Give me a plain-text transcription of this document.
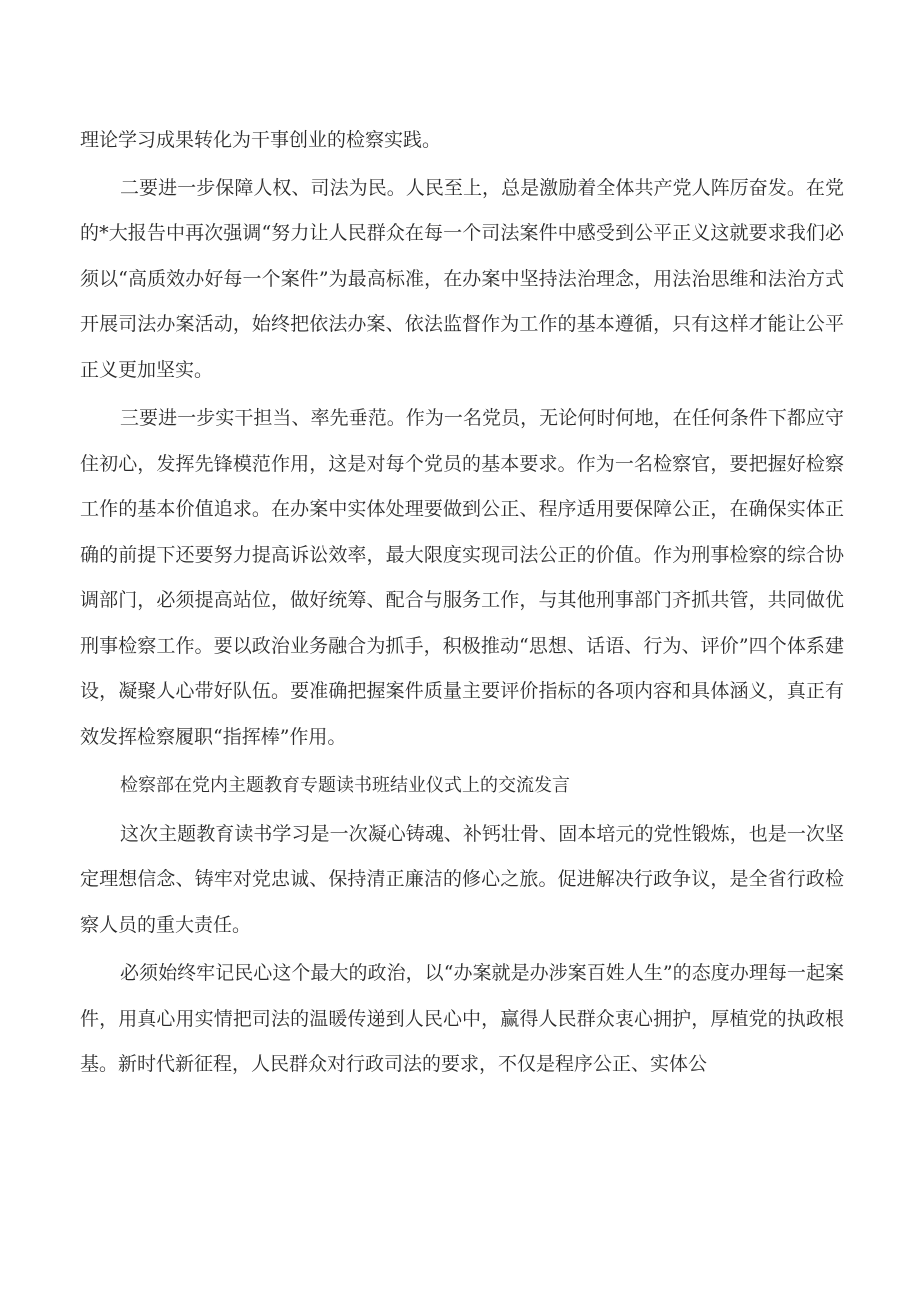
理论学习成果转化为干事创业的检察实践。

二要进一步保障人权、司法为民。人民至上，总是激励着全体共产党人阵厉奋发。在党的*大报告中再次强调“努力让人民群众在每一个司法案件中感受到公平正义这就要求我们必须以“高质效办好每一个案件”为最高标准，在办案中坚持法治理念，用法治思维和法治方式开展司法办案活动，始终把依法办案、依法监督作为工作的基本遵循，只有这样才能让公平正义更加坚实。

三要进一步实干担当、率先垂范。作为一名党员，无论何时何地，在任何条件下都应守住初心，发挥先锋模范作用，这是对每个党员的基本要求。作为一名检察官，要把握好检察工作的基本价值追求。在办案中实体处理要做到公正、程序适用要保障公正，在确保实体正确的前提下还要努力提高诉讼效率，最大限度实现司法公正的价值。作为刑事检察的综合协调部门，必须提高站位，做好统筹、配合与服务工作，与其他刑事部门齐抓共管，共同做优刑事检察工作。要以政治业务融合为抓手，积极推动“思想、话语、行为、评价”四个体系建设，凝聚人心带好队伍。要准确把握案件质量主要评价指标的各项内容和具体涵义，真正有效发挥检察履职“指挥棒”作用。

检察部在党内主题教育专题读书班结业仪式上的交流发言

这次主题教育读书学习是一次凝心铸魂、补钙壮骨、固本培元的党性锻炼，也是一次坚定理想信念、铸牢对党忠诚、保持清正廉洁的修心之旅。促进解决行政争议，是全省行政检察人员的重大责任。

必须始终牢记民心这个最大的政治，以“办案就是办涉案百姓人生”的态度办理每一起案件，用真心用实情把司法的温暖传递到人民心中，赢得人民群众衷心拥护，厚植党的执政根基。新时代新征程，人民群众对行政司法的要求，不仅是程序公正、实体公
